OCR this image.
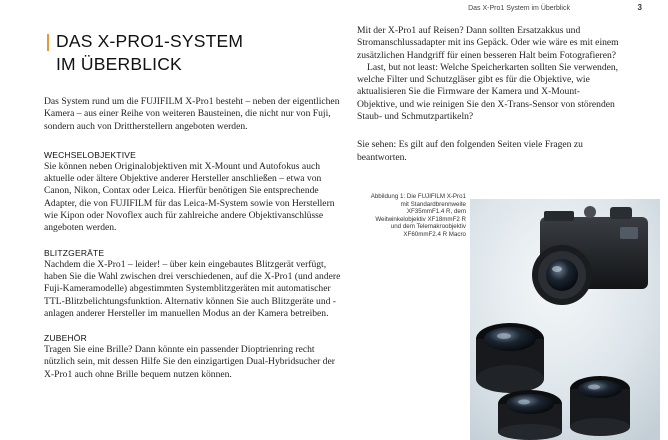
Das X-Pro1 System im Überblick	3
DAS X-PRO1-SYSTEM
IM ÜBERBLICK

Das System rund um die FUJIFILM X-Pro1 besteht – neben der eigentlichen Kamera – aus einer Reihe von weiteren Bausteinen, die nicht nur von Fuji, sondern auch von Drittherstellern angeboten werden.

WECHSELOBJEKTIVE

Sie können neben Originalobjektiven mit X-Mount und Autofokus auch aktuelle oder ältere Objektive anderer Hersteller anschließen – etwa von Canon, Nikon, Contax oder Leica. Hierfür benötigen Sie entsprechende Adapter, die von FUJIFILM für das Leica-M-System sowie von Herstellern wie Kipon oder Novoflex auch für zahlreiche andere Objektivanschlüsse angeboten werden.

BLITZGERÄTE

Nachdem die X-Pro1 – leider! – über kein eingebautes Blitzgerät verfügt, haben Sie die Wahl zwischen drei verschiedenen, auf die X-Pro1 (und andere Fuji-Kameramodelle) abgestimmten Systemblitzgeräten mit automatischer TTL-Blitzbelichtungsfunktion. Alternativ können Sie auch Blitzgeräte und -anlagen anderer Hersteller im manuellen Modus an der Kamera betreiben.

ZUBEHÖR

Tragen Sie eine Brille? Dann könnte ein passender Dioptrienring recht nützlich sein, mit dessen Hilfe Sie den einzigartigen Dual-Hybridsucher der X-Pro1 auch ohne Brille bequem nutzen können.

Mit der X-Pro1 auf Reisen? Dann sollten Ersatzakkus und Stromanschlussadapter mit ins Gepäck. Oder wie wäre es mit einem zusätzlichen Handgriff für einen besseren Halt beim Fotografieren?

Last, but not least: Welche Speicherkarten sollten Sie verwenden, welche Filter und Schutzgläser gibt es für die Objektive, wie aktualisieren Sie die Firmware der Kamera und X-Mount-Objektive, und wie reinigen Sie den X-Trans-Sensor von störenden Staub- und Schmutzpartikeln?

Sie sehen: Es gilt auf den folgenden Seiten viele Fragen zu beantworten.

Abbildung 1: Die FUJIFILM X-Pro1 mit Standardbrennweite XF35mmF1.4 R, dem Weitwinkelobjektiv XF18mmF2 R und dem Telemakroobjektiv XF60mmF2.4 R Macro
